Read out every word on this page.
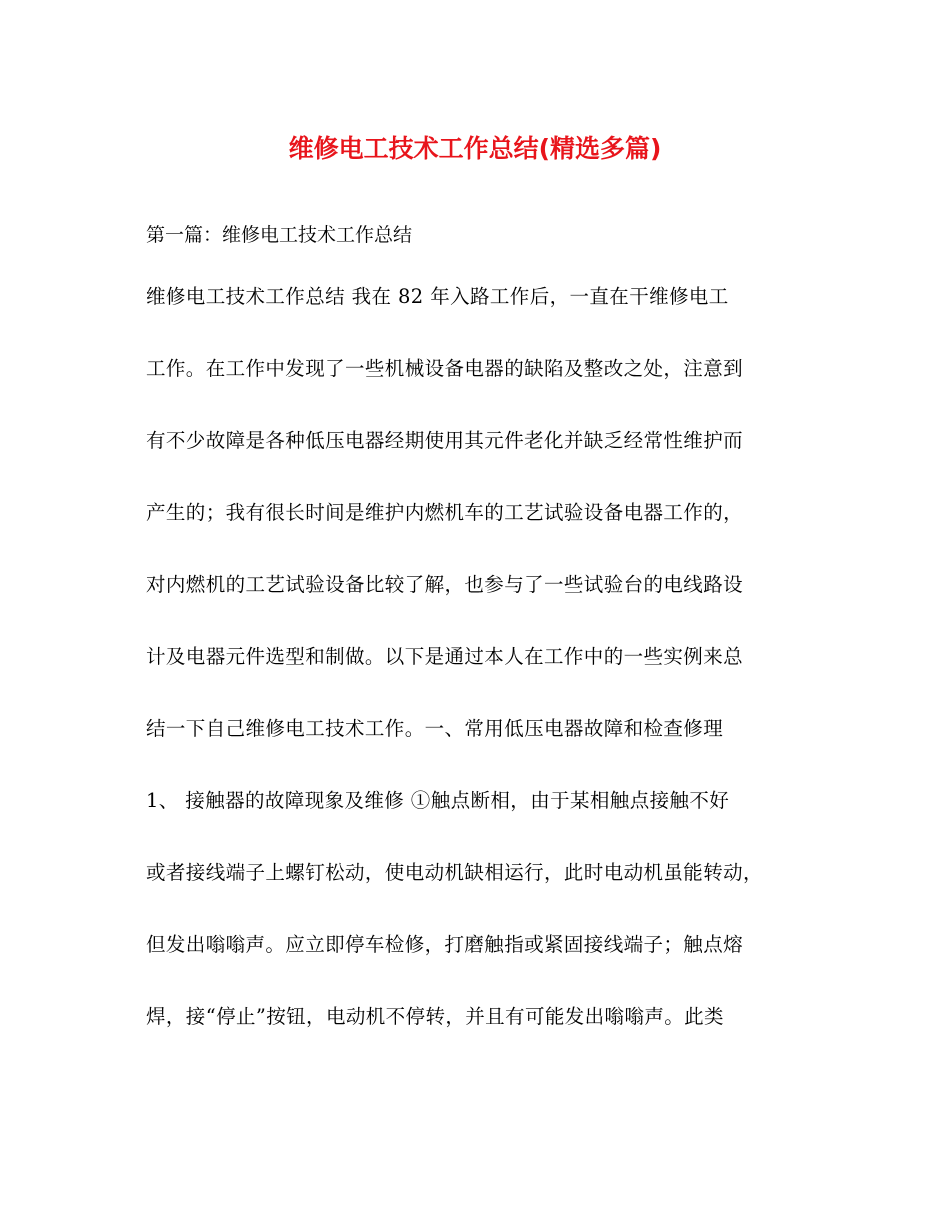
维修电工技术工作总结(精选多篇)
第一篇：维修电工技术工作总结
维修电工技术工作总结 我在 82 年入路工作后，一直在干维修电工
工作。在工作中发现了一些机械设备电器的缺陷及整改之处，注意到
有不少故障是各种低压电器经期使用其元件老化并缺乏经常性维护而
产生的；我有很长时间是维护内燃机车的工艺试验设备电器工作的，
对内燃机的工艺试验设备比较了解，也参与了一些试验台的电线路设
计及电器元件选型和制做。以下是通过本人在工作中的一些实例来总
结一下自己维修电工技术工作。一、常用低压电器故障和检查修理
1、 接触器的故障现象及维修 ①触点断相，由于某相触点接触不好
或者接线端子上螺钉松动，使电动机缺相运行，此时电动机虽能转动，
但发出嗡嗡声。应立即停车检修，打磨触指或紧固接线端子；触点熔
焊，接“停止”按钮，电动机不停转，并且有可能发出嗡嗡声。此类
